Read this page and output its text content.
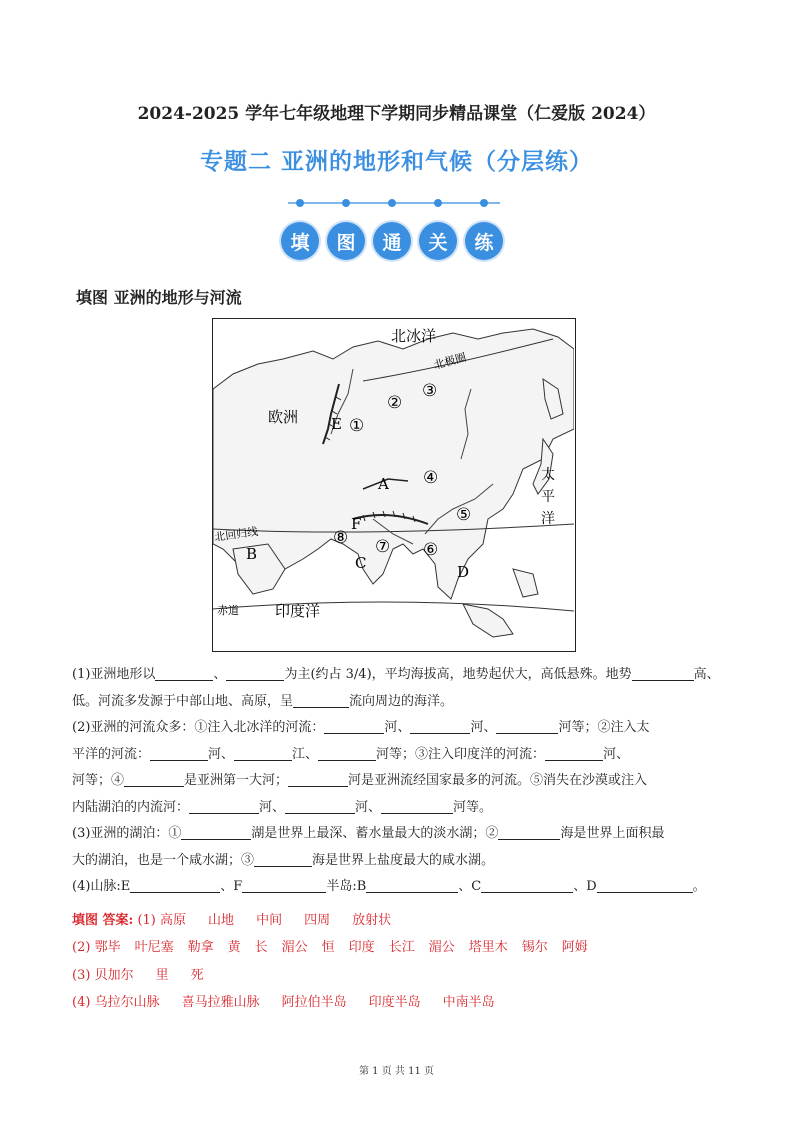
2024-2025 学年七年级地理下学期同步精品课堂（仁爱版 2024）
专题二 亚洲的地形和气候（分层练）
填	图	通	关	练
填图 亚洲的地形与河流
北冰洋
北极圈
欧洲
太
平
洋
北回归线
赤道 印度洋
A
B	C	D
E
F
①
②
③
④
⑤
⑥
⑦
⑧
(1)亚洲地形以	、	为主(约占 3/4)，平均海拔高，地势起伏大，高低悬殊。地势	高、
低。河流多发源于中部山地、高原，呈	流向周边的海洋。
(2)亚洲的河流众多：①注入北冰洋的河流：	河、	河、	河等；②注入太
平洋的河流：	河、	江、	河等；③注入印度洋的河流：	河、
河等；④	是亚洲第一大河；	河是亚洲流经国家最多的河流。⑤消失在沙漠或注入
内陆湖泊的内流河：	河、	河、	河等。
(3)亚洲的湖泊：①	湖是世界上最深、蓄水量最大的淡水湖；②	海是世界上面积最
大的湖泊，也是一个咸水湖；③	海是世界上盐度最大的咸水湖。
(4)山脉:E	、F	半岛:B	、C	、D	。
填图 答案: (1) 高原 山地 中间 四周 放射状
(2) 鄂毕 叶尼塞 勒拿 黄 长 湄公 恒 印度 长江 湄公 塔里木 锡尔 阿姆
(3) 贝加尔 里 死
(4) 乌拉尔山脉 喜马拉雅山脉 阿拉伯半岛 印度半岛 中南半岛
第 1 页 共 11 页
